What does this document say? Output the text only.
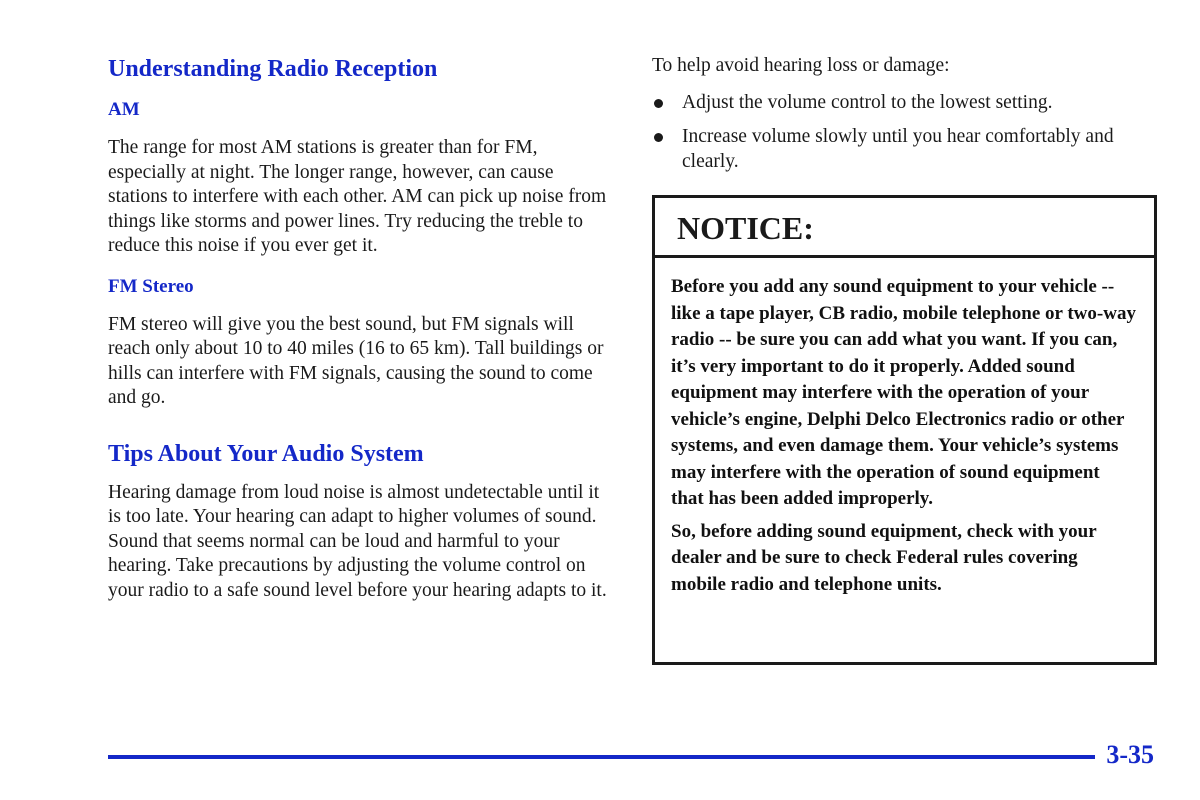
Understanding Radio Reception
AM

The range for most AM stations is greater than for FM, especially at night. The longer range, however, can cause stations to interfere with each other. AM can pick up noise from things like storms and power lines. Try reducing the treble to reduce this noise if you ever get it.

FM Stereo

FM stereo will give you the best sound, but FM signals will reach only about 10 to 40 miles (16 to 65 km). Tall buildings or hills can interfere with FM signals, causing the sound to come and go.

Tips About Your Audio System

Hearing damage from loud noise is almost undetectable until it is too late. Your hearing can adapt to higher volumes of sound. Sound that seems normal can be loud and harmful to your hearing. Take precautions by adjusting the volume control on your radio to a safe sound level before your hearing adapts to it.

To help avoid hearing loss or damage:

Adjust the volume control to the lowest setting.
Increase volume slowly until you hear comfortably and clearly.
NOTICE:

Before you add any sound equipment to your vehicle -- like a tape player, CB radio, mobile telephone or two-way radio -- be sure you can add what you want. If you can, it’s very important to do it properly. Added sound equipment may interfere with the operation of your vehicle’s engine, Delphi Delco Electronics radio or other systems, and even damage them. Your vehicle’s systems may interfere with the operation of sound equipment that has been added improperly.

So, before adding sound equipment, check with your dealer and be sure to check Federal rules covering mobile radio and telephone units.

3-35
